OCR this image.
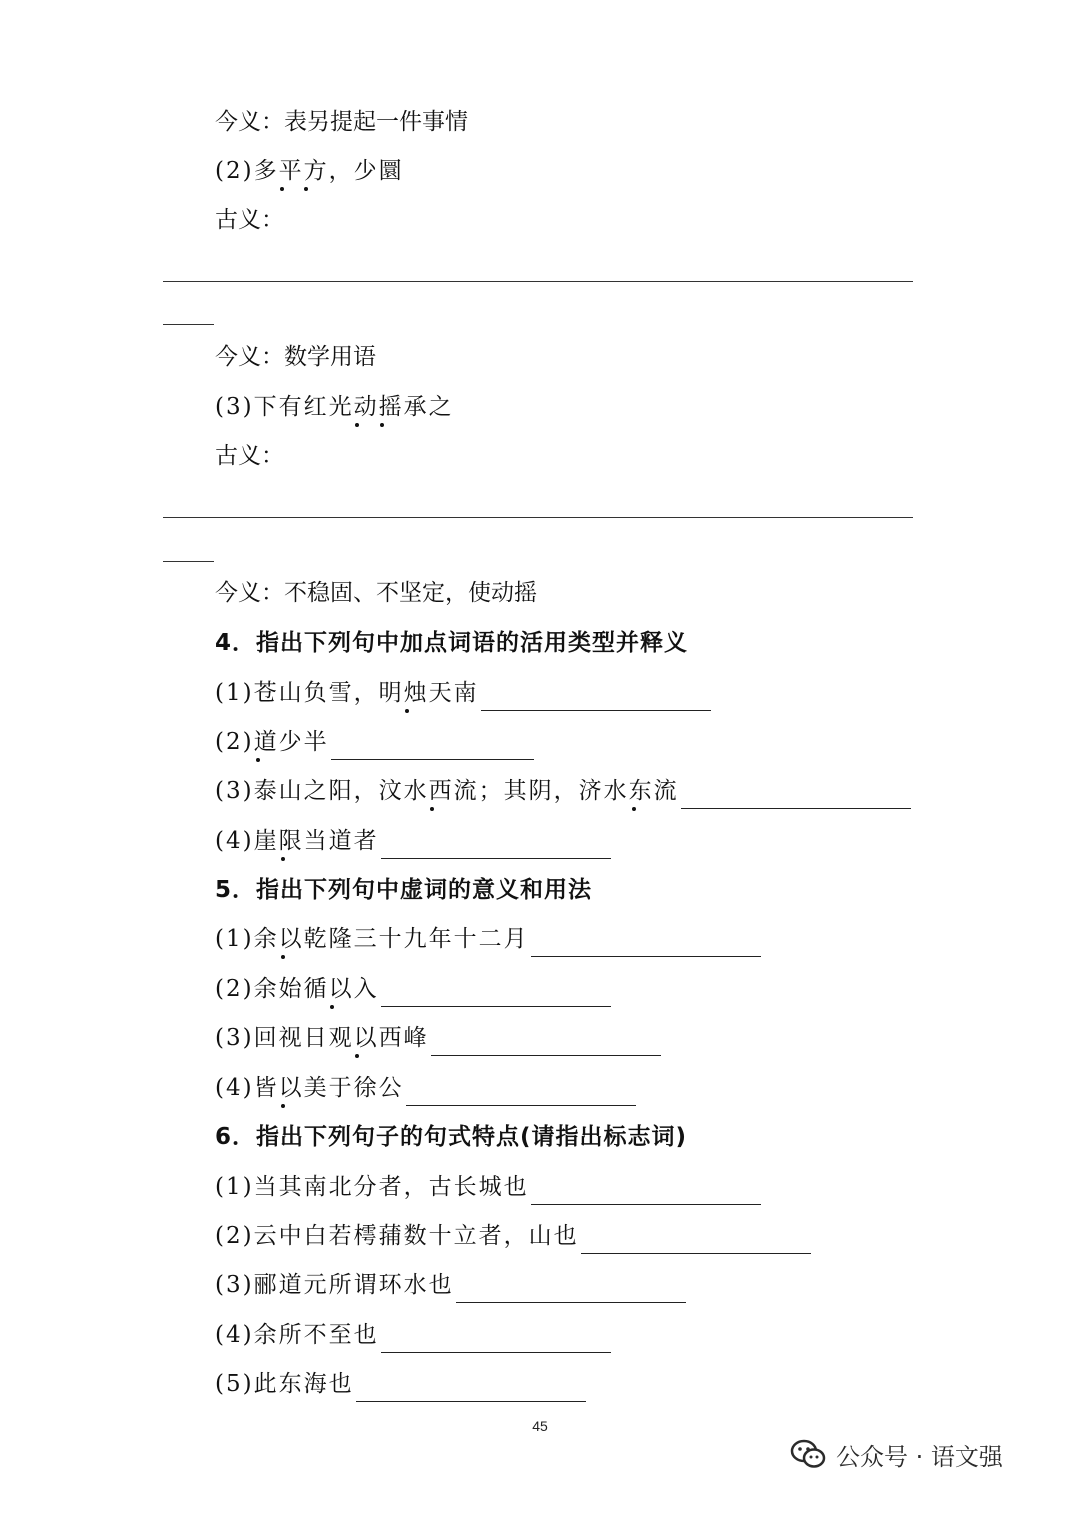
今义：表另提起一件事情
(2)多平方，少圜
古义：
今义：数学用语
(3)下有红光动摇承之
古义：
今义：不稳固、不坚定，使动摇
4．指出下列句中加点词语的活用类型并释义
(1)苍山负雪，明烛天南
(2)道少半
(3)泰山之阳，汶水西流；其阴，济水东流
(4)崖限当道者
5．指出下列句中虚词的意义和用法
(1)余以乾隆三十九年十二月
(2)余始循以入
(3)回视日观以西峰
(4)皆以美于徐公
6．指出下列句子的句式特点(请指出标志词)
(1)当其南北分者，古长城也
(2)云中白若樗蒱数十立者，山也
(3)郦道元所谓环水也
(4)余所不至也
(5)此东海也
45
公众号 · 语文强
